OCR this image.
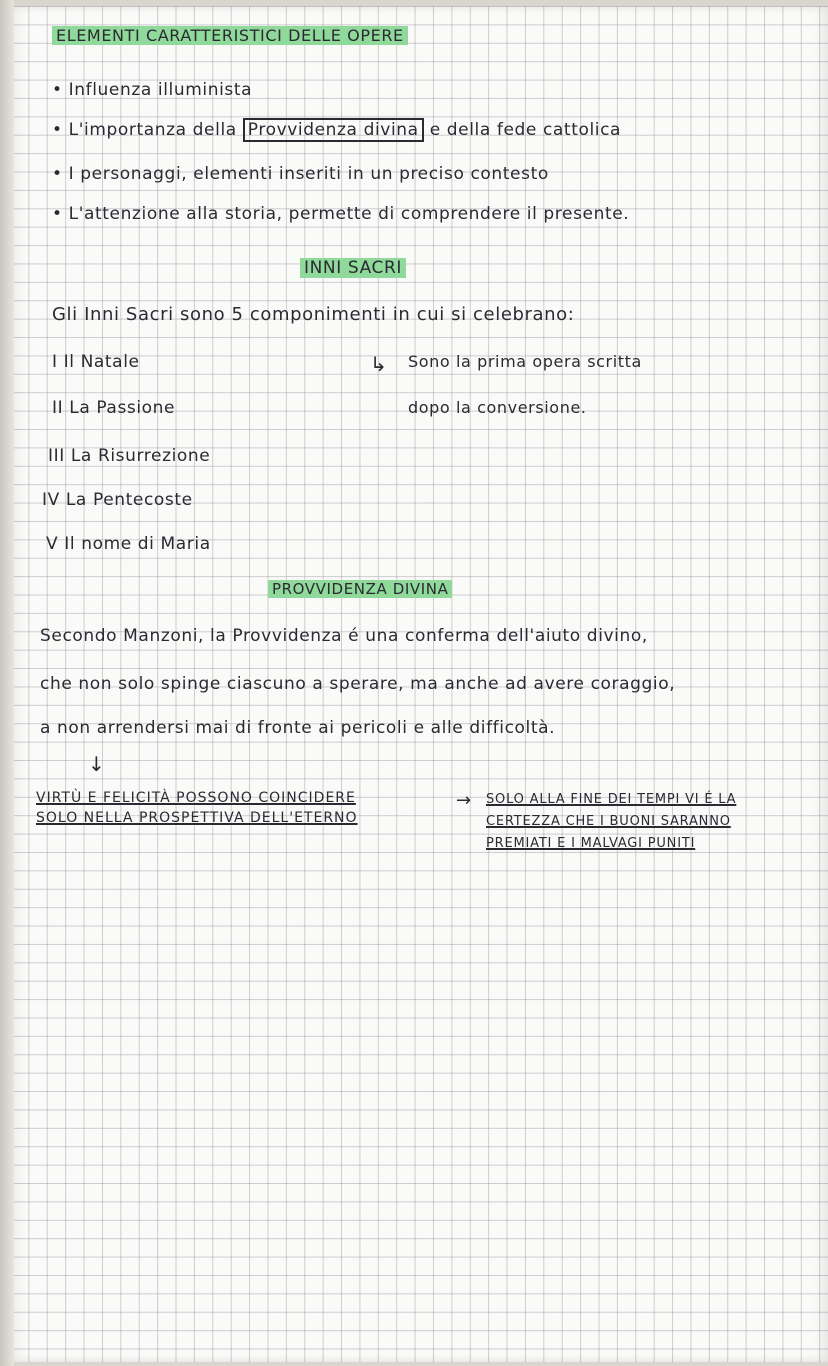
ELEMENTI CARATTERISTICI DELLE OPERE
• Influenza illuminista
• L'importanza della Provvidenza divina e della fede cattolica
• I personaggi, elementi inseriti in un preciso contesto
• L'attenzione alla storia, permette di comprendere il presente.
INNI SACRI
Gli Inni Sacri sono 5 componimenti in cui si celebrano:
I Il Natale
II La Passione
III La Risurrezione
IV La Pentecoste
V Il nome di Maria
↳ Sono la prima opera scritta
dopo la conversione.
PROVVIDENZA DIVINA
Secondo Manzoni, la Provvidenza é una conferma dell'aiuto divino,
che non solo spinge ciascuno a sperare, ma anche ad avere coraggio,
a non arrendersi mai di fronte ai pericoli e alle difficoltà.
↓
VIRTÙ E FELICITÀ POSSONO COINCIDERE
SOLO NELLA PROSPETTIVA DELL'ETERNO
→ SOLO ALLA FINE DEI TEMPI VI É LA
CERTEZZA CHE I BUONI SARANNO
PREMIATI E I MALVAGI PUNITI
